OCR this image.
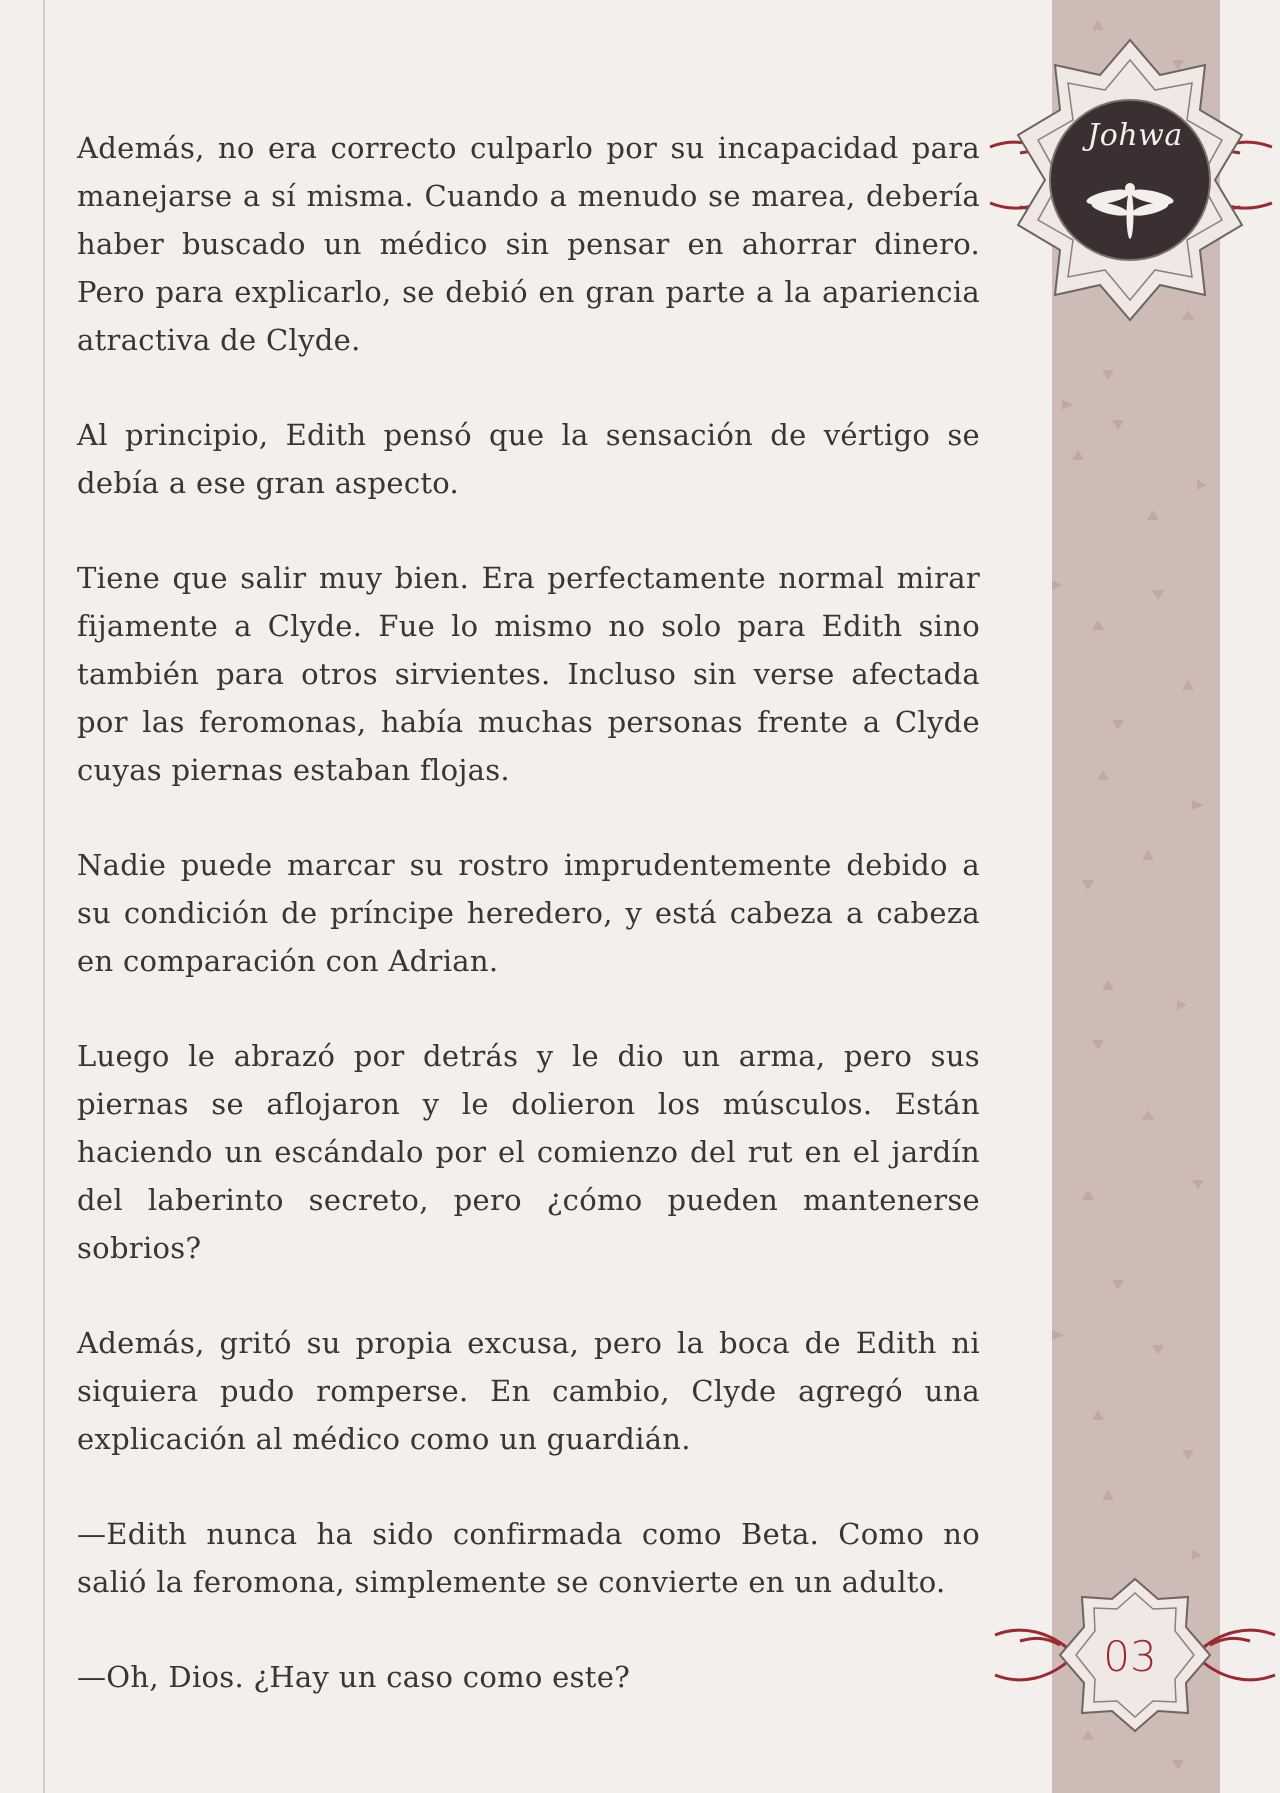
Además, no era correcto culparlo por su incapacidad para manejarse a sí misma. Cuando a menudo se marea, debería haber buscado un médico sin pensar en ahorrar dinero. Pero para explicarlo, se debió en gran parte a la apariencia atractiva de Clyde.

Al principio, Edith pensó que la sensación de vértigo se debía a ese gran aspecto.

Tiene que salir muy bien. Era perfectamente normal mirar fijamente a Clyde. Fue lo mismo no solo para Edith sino también para otros sirvientes. Incluso sin verse afectada por las feromonas, había muchas personas frente a Clyde cuyas piernas estaban flojas.

Nadie puede marcar su rostro imprudentemente debido a su condición de príncipe heredero, y está cabeza a cabeza en comparación con Adrian.

Luego le abrazó por detrás y le dio un arma, pero sus piernas se aflojaron y le dolieron los músculos. Están haciendo un escándalo por el comienzo del rut en el jardín del laberinto secreto, pero ¿cómo pueden mantenerse sobrios?

Además, gritó su propia excusa, pero la boca de Edith ni siquiera pudo romperse. En cambio, Clyde agregó una explicación al médico como un guardián.

—Edith nunca ha sido confirmada como Beta. Como no salió la feromona, simplemente se convierte en un adulto.

—Oh, Dios. ¿Hay un caso como este?

Johwa
03
